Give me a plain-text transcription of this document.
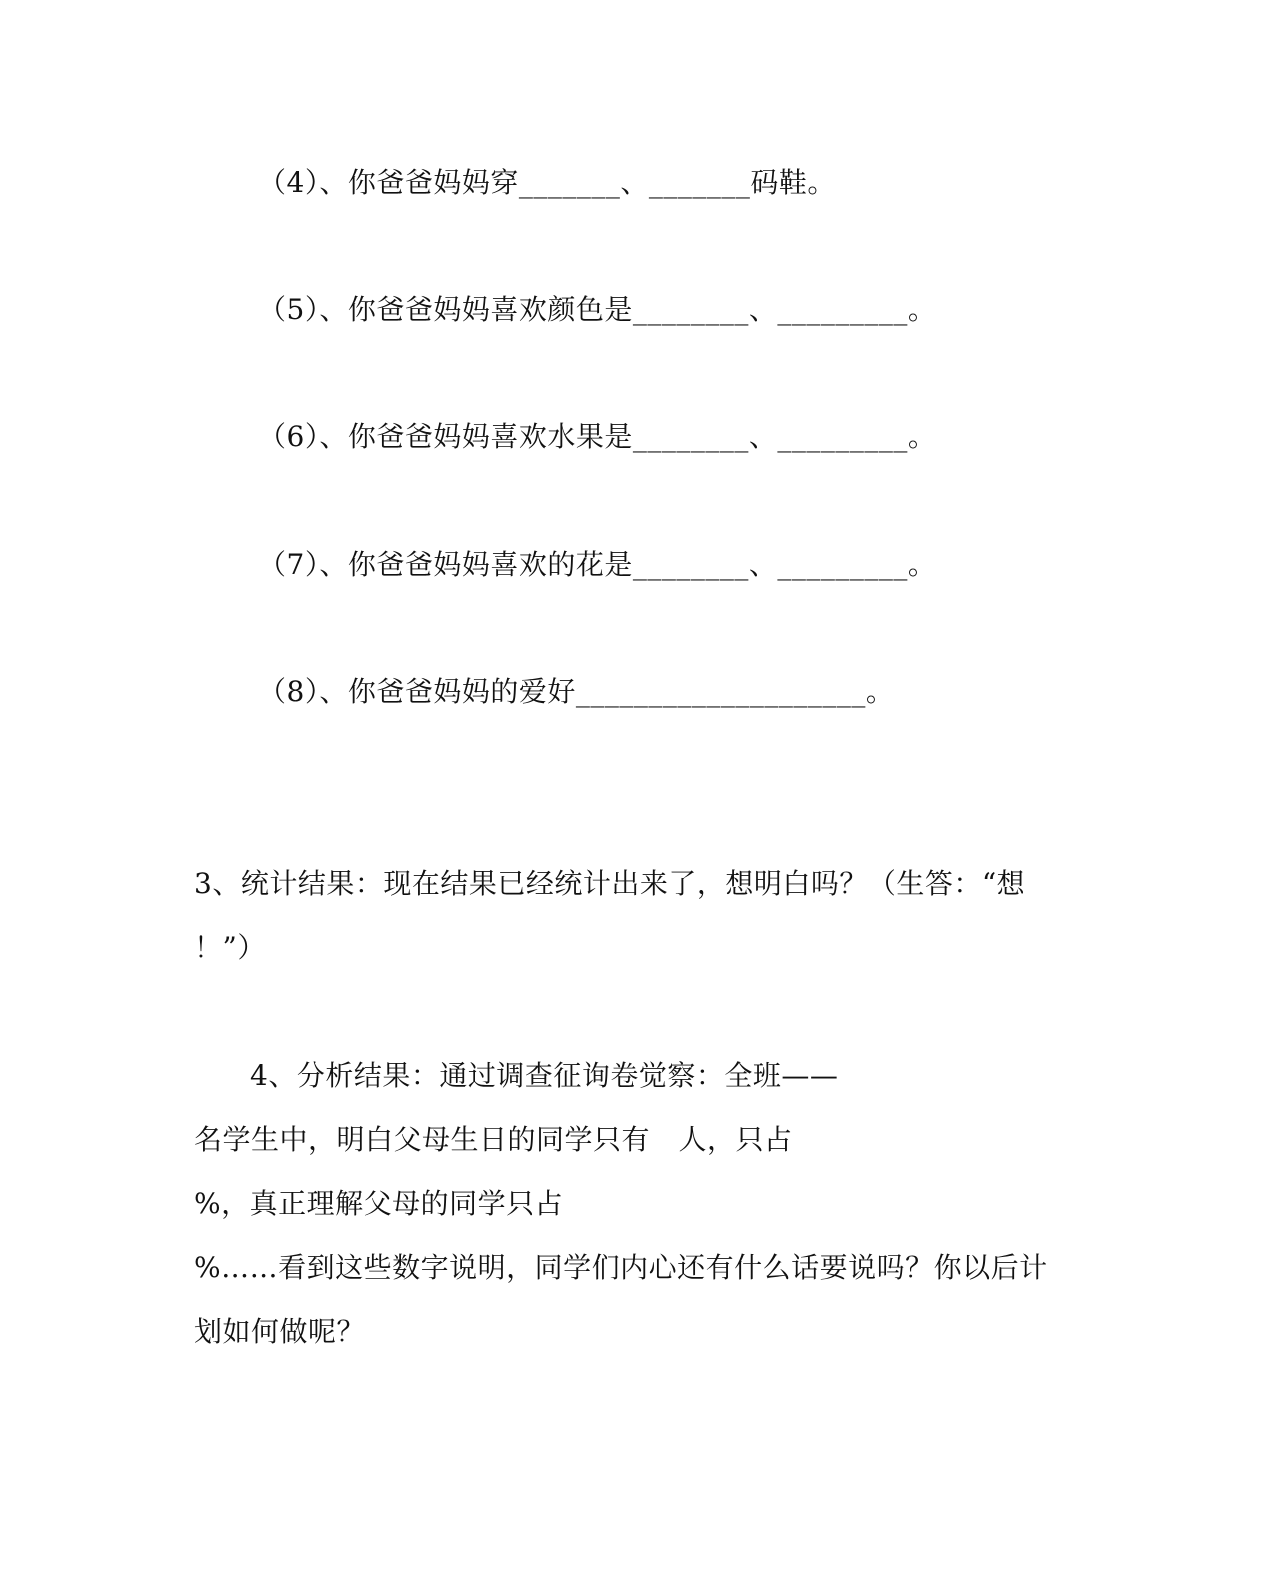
（4）、你爸爸妈妈穿_______、_______码鞋。
（5）、你爸爸妈妈喜欢颜色是________、_________。
（6）、你爸爸妈妈喜欢水果是________、_________。
（7）、你爸爸妈妈喜欢的花是________、_________。
（8）、你爸爸妈妈的爱好____________________。
3、统计结果：现在结果已经统计出来了，想明白吗？（生答：“想
！”）
4、分析结果：通过调查征询卷觉察：全班——
名学生中，明白父母生日的同学只有　人，只占
%，真正理解父母的同学只占
%……看到这些数字说明，同学们内心还有什么话要说吗？你以后计
划如何做呢？
